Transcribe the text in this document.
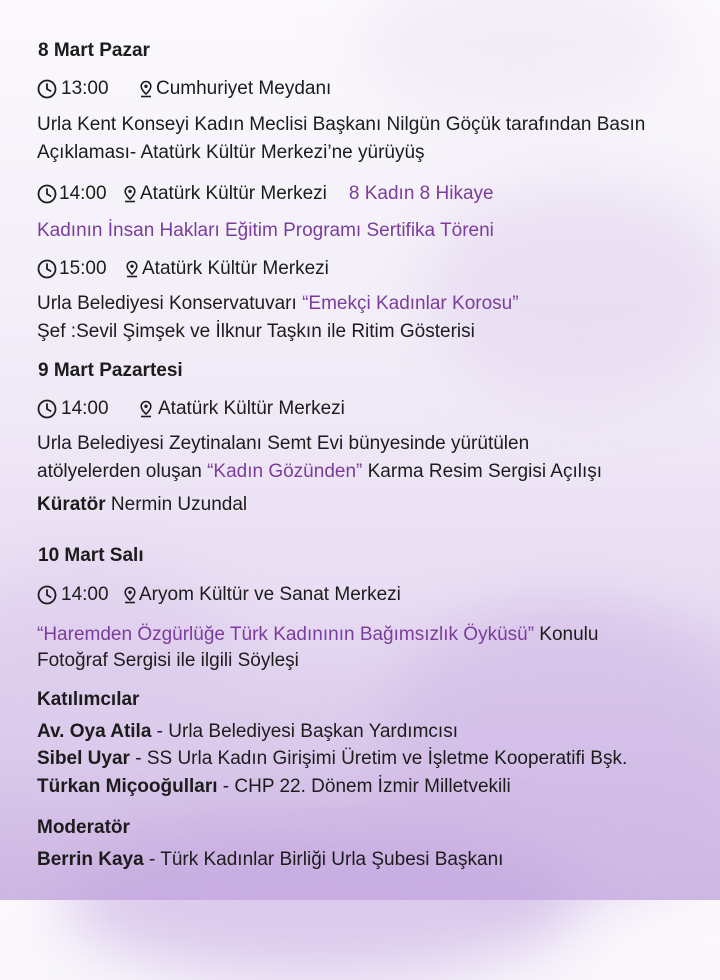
8 Mart Pazar
13:00	Cumhuriyet Meydanı
Urla Kent Konseyi Kadın Meclisi Başkanı Nilgün Göçük tarafından Basın
Açıklaması- Atatürk Kültür Merkezi’ne yürüyüş
14:00	Atatürk Kültür Merkezi 8 Kadın 8 Hikaye
Kadının İnsan Hakları Eğitim Programı Sertifika Töreni
15:00	Atatürk Kültür Merkezi
Urla Belediyesi Konservatuvarı “Emekçi Kadınlar Korosu”
Şef :Sevil Şimşek ve İlknur Taşkın ile Ritim Gösterisi
9 Mart Pazartesi
14:00	Atatürk Kültür Merkezi
Urla Belediyesi Zeytinalanı Semt Evi bünyesinde yürütülen
atölyelerden oluşan “Kadın Gözünden” Karma Resim Sergisi Açılışı
Küratör Nermin Uzundal
10 Mart Salı
14:00	Aryom Kültür ve Sanat Merkezi
“Haremden Özgürlüğe Türk Kadınının Bağımsızlık Öyküsü” Konulu
Fotoğraf Sergisi ile ilgili Söyleşi
Katılımcılar
Av. Oya Atila - Urla Belediyesi Başkan Yardımcısı
Sibel Uyar - SS Urla Kadın Girişimi Üretim ve İşletme Kooperatifi Bşk.
Türkan Miçooğulları - CHP 22. Dönem İzmir Milletvekili
Moderatör
Berrin Kaya - Türk Kadınlar Birliği Urla Şubesi Başkanı
